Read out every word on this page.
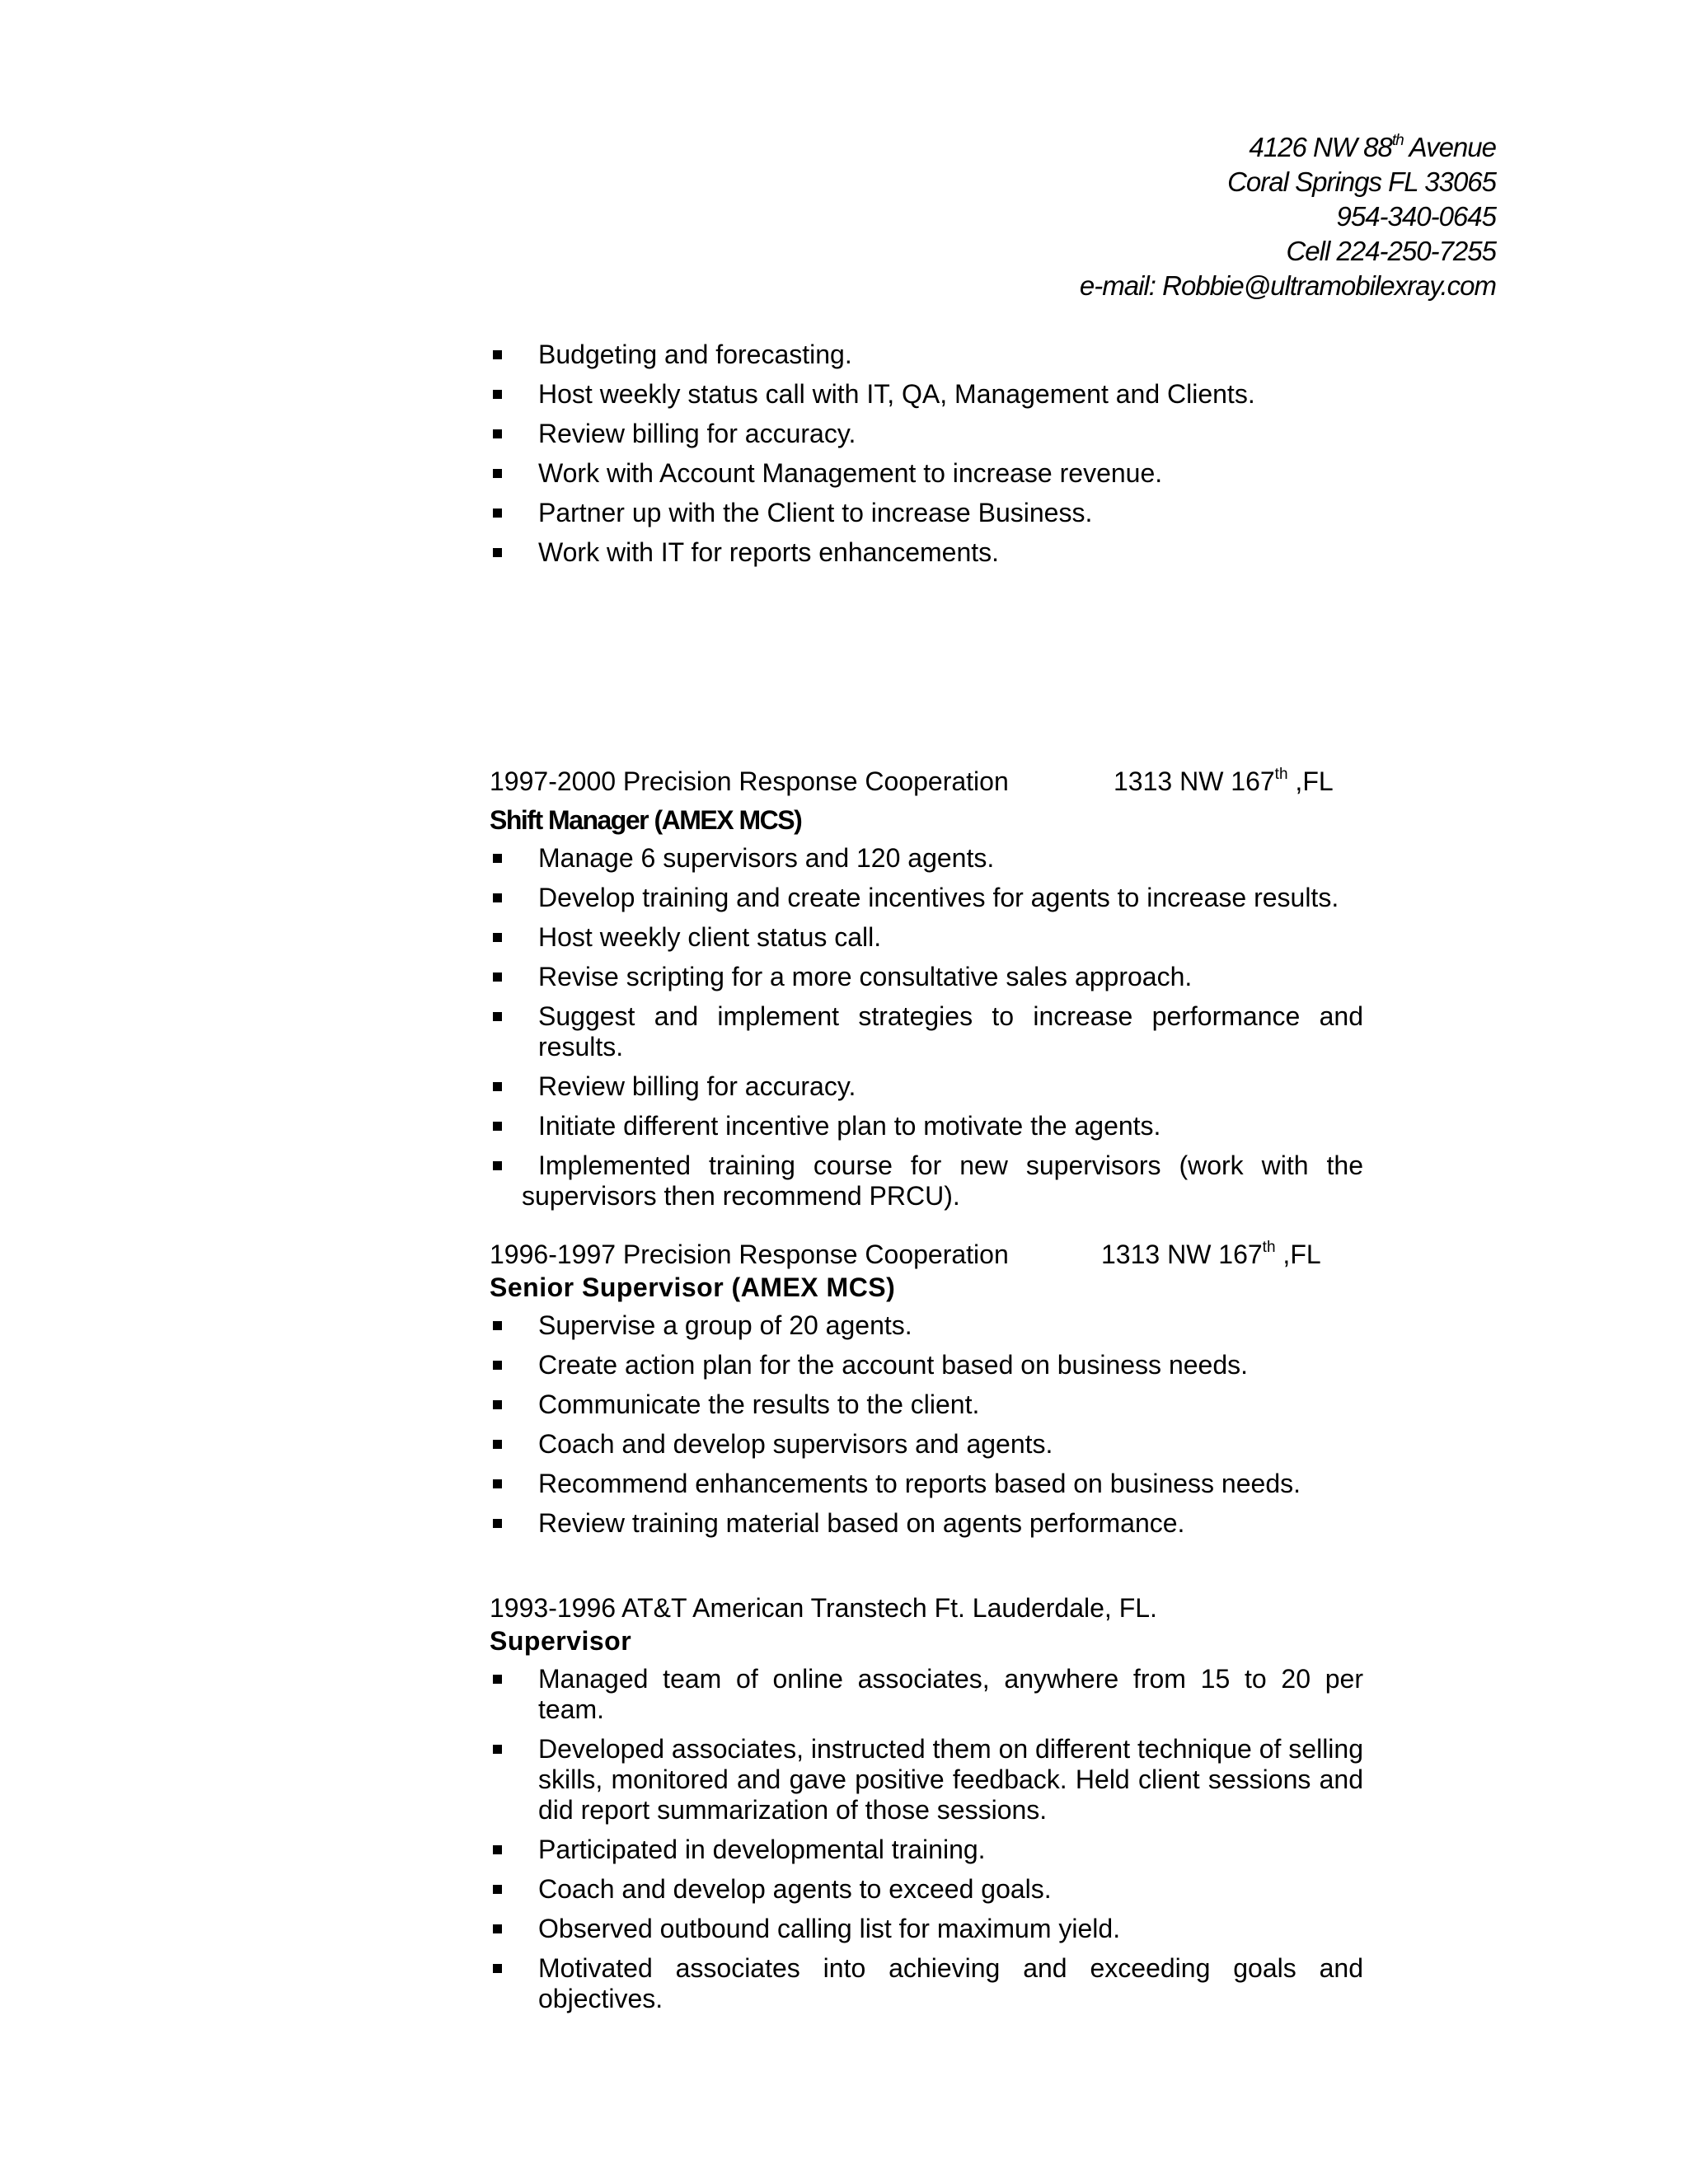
4126 NW 88th Avenue
Coral Springs FL 33065
954-340-0645
Cell 224-250-7255
e-mail: Robbie@ultramobilexray.com
Budgeting and forecasting.
Host weekly status call with IT, QA, Management and Clients.
Review billing for accuracy.
Work with Account Management to increase revenue.
Partner up with the Client to increase Business.
Work with IT for reports enhancements.
1997-2000 Precision Response Cooperation	1313 NW 167th ,FL
Shift Manager (AMEX MCS)
Manage 6 supervisors and 120 agents.
Develop training and create incentives for agents to increase results.
Host weekly client status call.
Revise scripting for a more consultative sales approach.
Suggest and implement strategies to increase performance and results.
Review billing for accuracy.
Initiate different incentive plan to motivate the agents.
Implemented training course for new supervisors (work with the
supervisors then recommend PRCU).
1996-1997 Precision Response Cooperation	1313 NW 167th ,FL
Senior Supervisor (AMEX MCS)
Supervise a group of 20 agents.
Create action plan for the account based on business needs.
Communicate the results to the client.
Coach and develop supervisors and agents.
Recommend enhancements to reports based on business needs.
Review training material based on agents performance.
1993-1996 AT&T American Transtech Ft. Lauderdale, FL.
Supervisor
Managed team of online associates, anywhere from 15 to 20 per team.
Developed associates, instructed them on different technique of selling skills, monitored and gave positive feedback. Held client sessions and did report summarization of those sessions.
Participated in developmental training.
Coach and develop agents to exceed goals.
Observed outbound calling list for maximum yield.
Motivated associates into achieving and exceeding goals and objectives.
